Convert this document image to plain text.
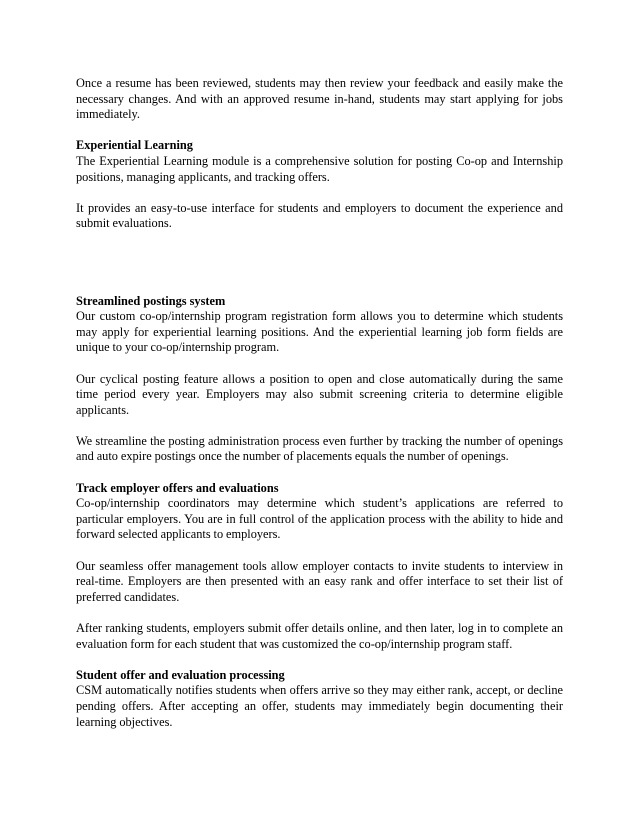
Once a resume has been reviewed, students may then review your feedback and easily make the necessary changes. And with an approved resume in-hand, students may start applying for jobs immediately.

Experiential Learning

The Experiential Learning module is a comprehensive solution for posting Co-op and Internship positions, managing applicants, and tracking offers.

It provides an easy-to-use interface for students and employers to document the experience and submit evaluations.

Streamlined postings system

Our custom co-op/internship program registration form allows you to determine which students may apply for experiential learning positions. And the experiential learning job form fields are unique to your co-op/internship program.

Our cyclical posting feature allows a position to open and close automatically during the same time period every year. Employers may also submit screening criteria to determine eligible applicants.

We streamline the posting administration process even further by tracking the number of openings and auto expire postings once the number of placements equals the number of openings.

Track employer offers and evaluations

Co-op/internship coordinators may determine which student’s applications are referred to particular employers. You are in full control of the application process with the ability to hide and forward selected applicants to employers.

Our seamless offer management tools allow employer contacts to invite students to interview in real-time. Employers are then presented with an easy rank and offer interface to set their list of preferred candidates.

After ranking students, employers submit offer details online, and then later, log in to complete an evaluation form for each student that was customized the co-op/internship program staff.

Student offer and evaluation processing

CSM automatically notifies students when offers arrive so they may either rank, accept, or decline pending offers. After accepting an offer, students may immediately begin documenting their learning objectives.
